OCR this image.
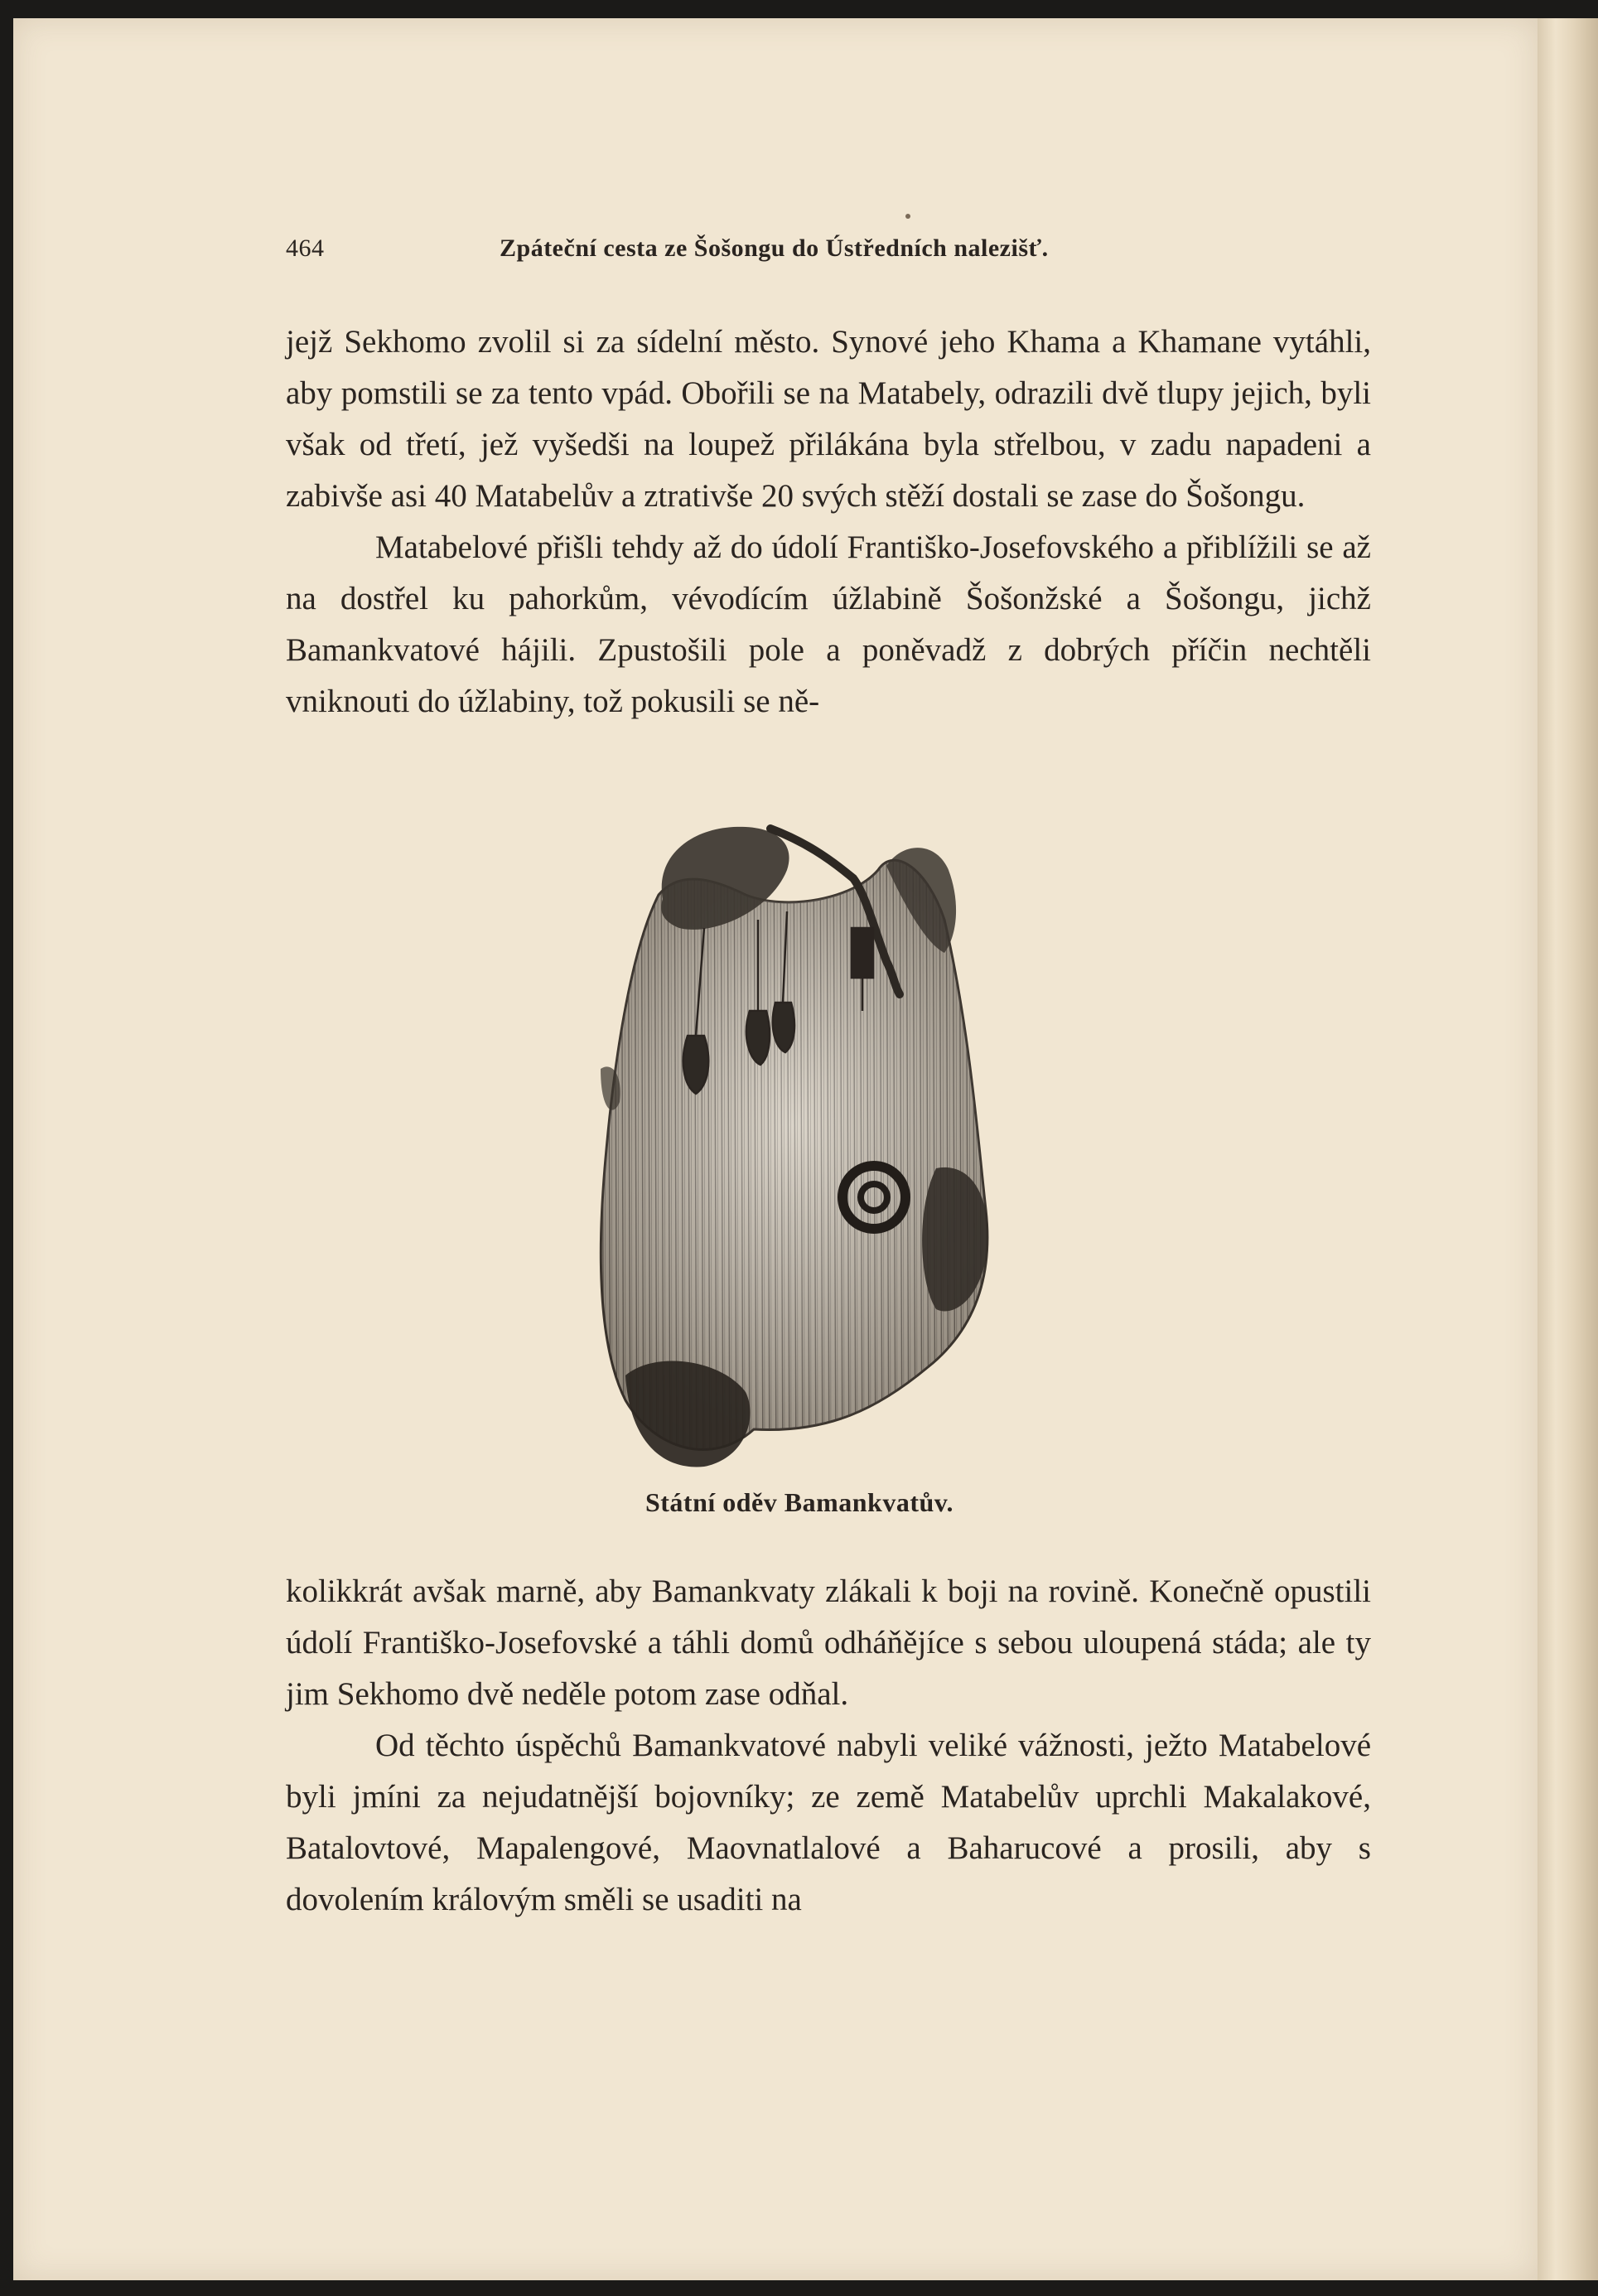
464	Zpáteční cesta ze Šošongu do Ústředních nalezišť.

jejž Sekhomo zvolil si za sídelní město. Synové jeho Khama a Khamane vytáhli, aby pomstili se za tento vpád. Obořili se na Matabely, odrazili dvě tlupy jejich, byli však od třetí, jež vyšedši na loupež přilákána byla střelbou, v zadu napadeni a zabivše asi 40 Matabelův a ztrativše 20 svých stěží dostali se zase do Šošongu.

Matabelové přišli tehdy až do údolí Františko-Josefovského a přiblížili se až na dostřel ku pahorkům, vévodícím úžlabině Šošonžské a Šošongu, jichž Bamankvatové hájili. Zpustošili pole a poněvadž z dobrých příčin nechtěli vniknouti do úžlabiny, tož pokusili se ně-

Státní oděv Bamankvatův.

kolikkrát avšak marně, aby Bamankvaty zlákali k boji na rovině. Konečně opustili údolí Františko-Josefovské a táhli domů odháňějíce s sebou uloupená stáda; ale ty jim Sekhomo dvě neděle potom zase odňal.

Od těchto úspěchů Bamankvatové nabyli veliké vážnosti, ježto Matabelové byli jmíni za nejudatnější bojovníky; ze země Matabelův uprchli Makalakové, Batalovtové, Mapalengové, Maovnatlalové a Baharucové a prosili, aby s dovolením královým směli se usaditi na
